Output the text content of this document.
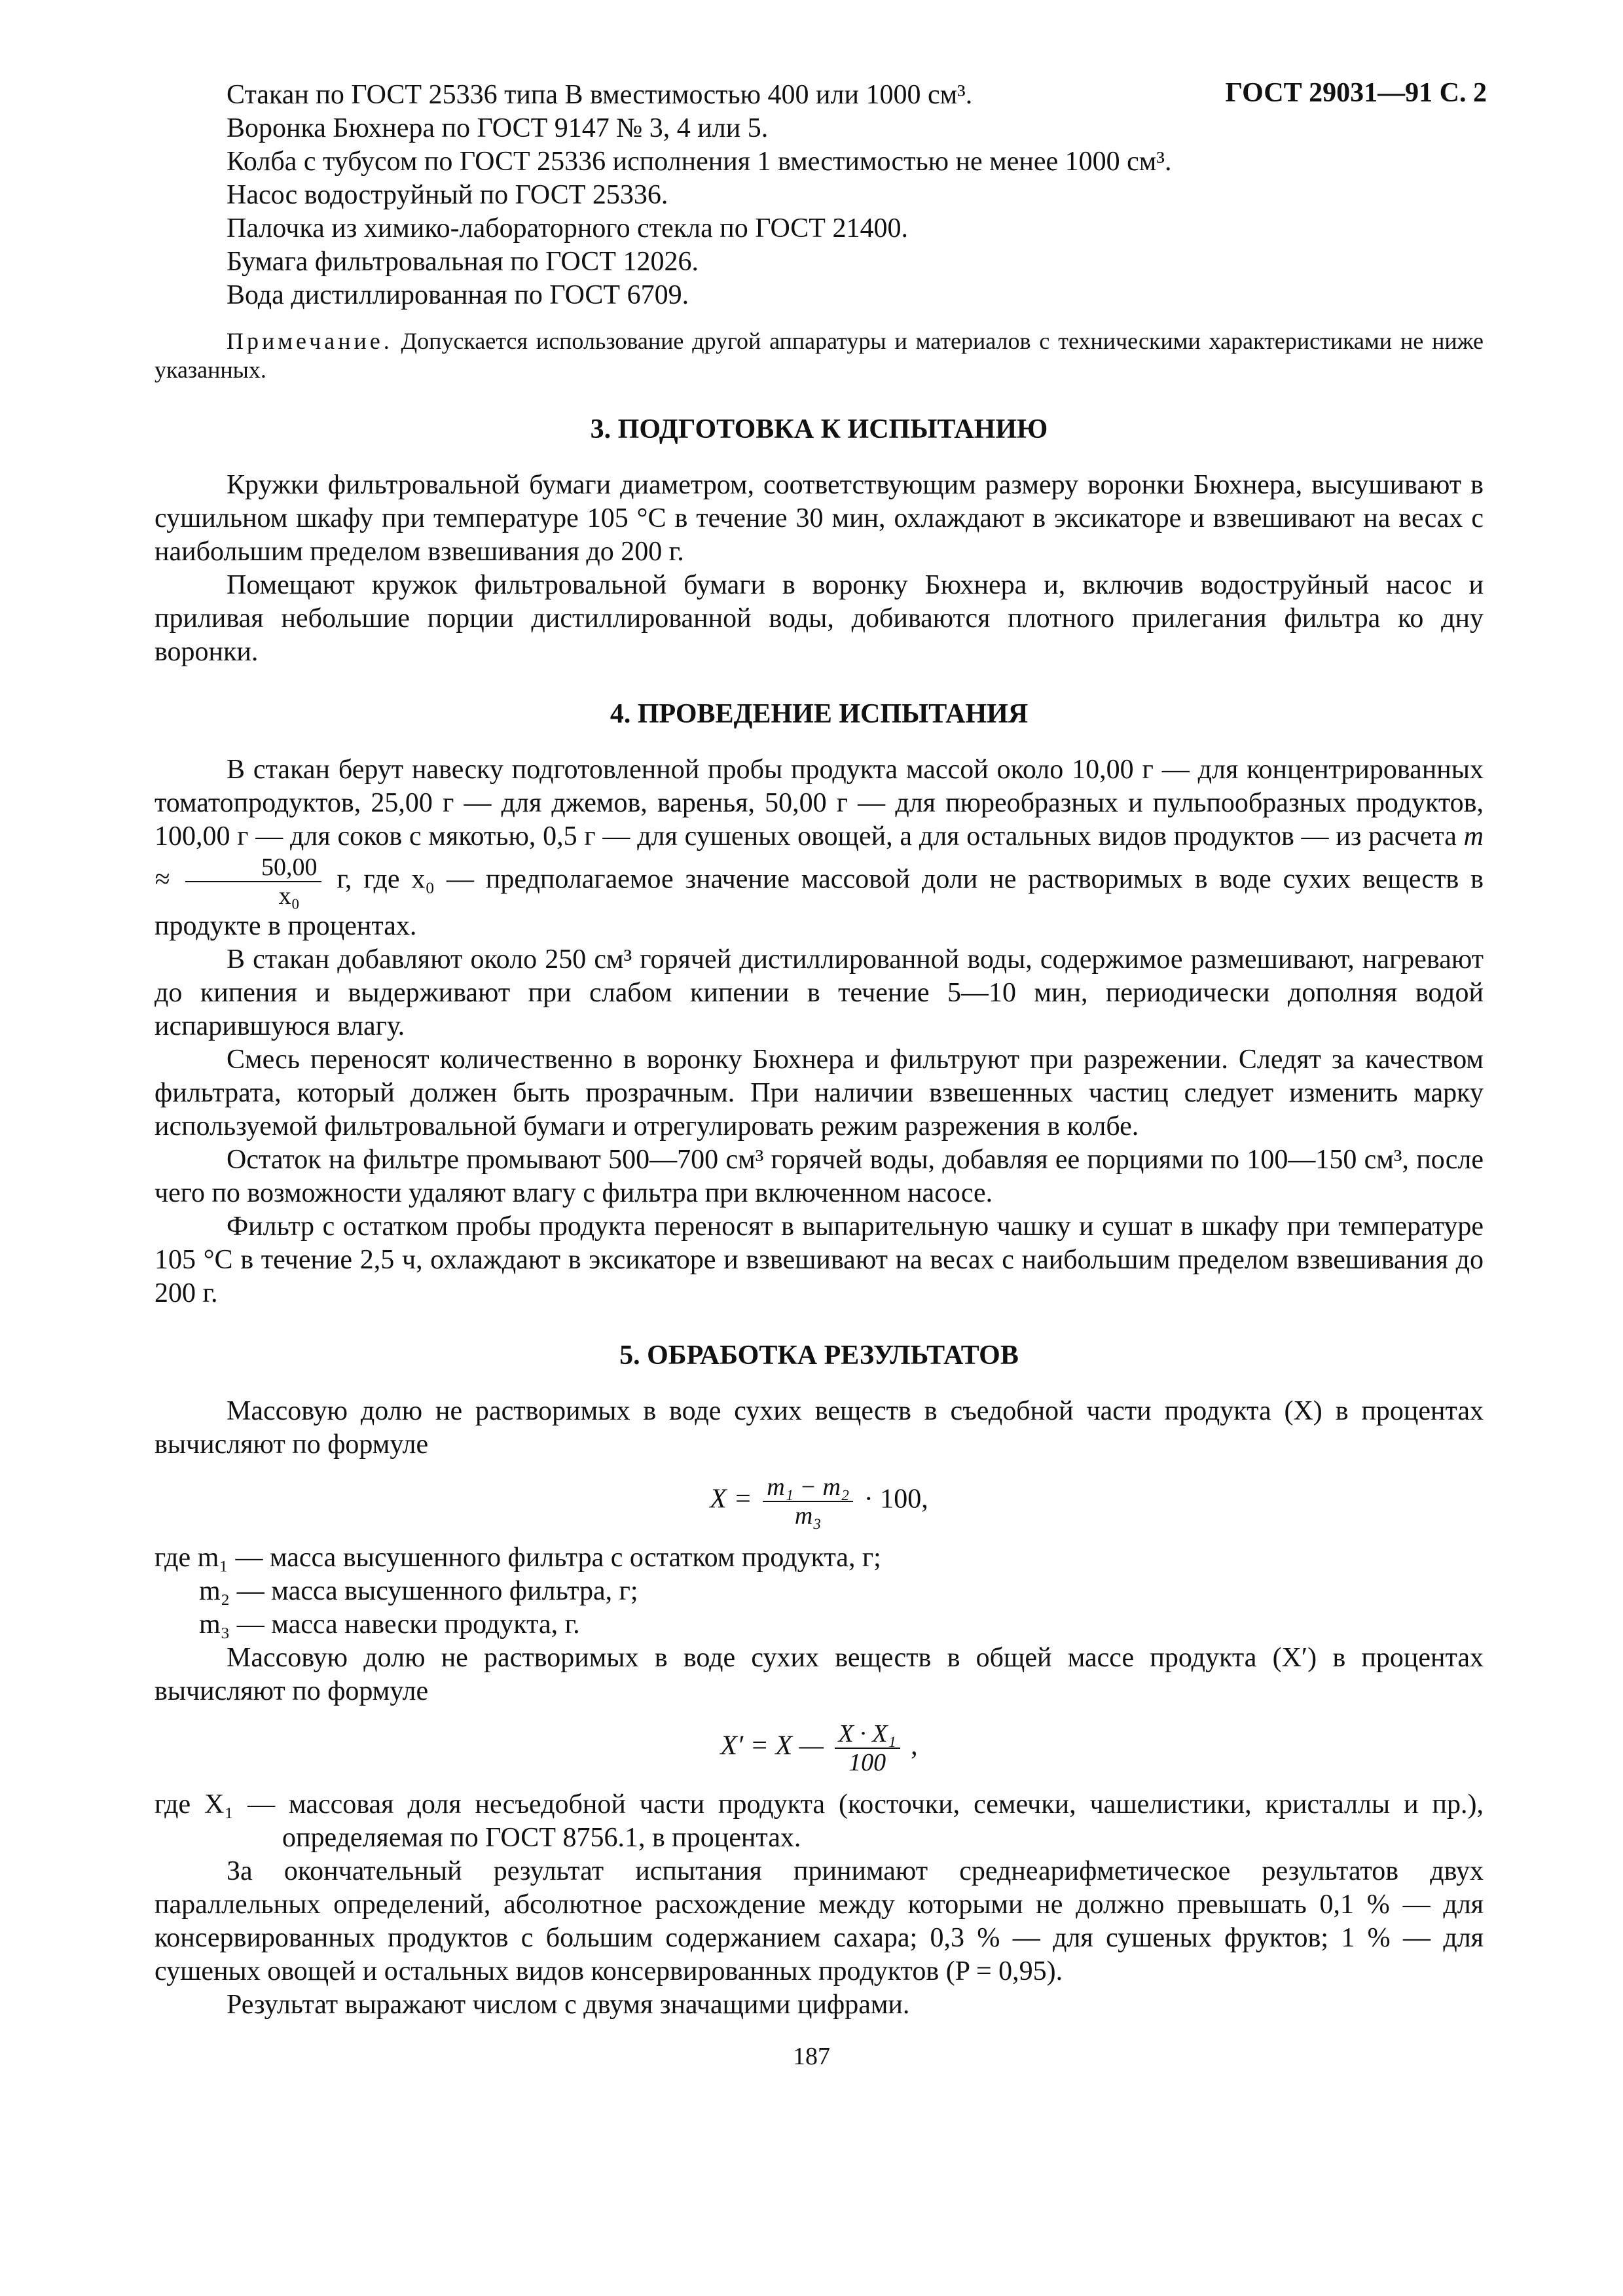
ГОСТ 29031—91 С. 2

Стакан по ГОСТ 25336 типа В вместимостью 400 или 1000 см³.

Воронка Бюхнера по ГОСТ 9147 № 3, 4 или 5.

Колба с тубусом по ГОСТ 25336 исполнения 1 вместимостью не менее 1000 см³.

Насос водоструйный по ГОСТ 25336.

Палочка из химико-лабораторного стекла по ГОСТ 21400.

Бумага фильтровальная по ГОСТ 12026.

Вода дистиллированная по ГОСТ 6709.

Примечание. Допускается использование другой аппаратуры и материалов с техническими характеристиками не ниже указанных.

3. ПОДГОТОВКА К ИСПЫТАНИЮ

Кружки фильтровальной бумаги диаметром, соответствующим размеру воронки Бюхнера, высушивают в сушильном шкафу при температуре 105 °С в течение 30 мин, охлаждают в эксикаторе и взвешивают на весах с наибольшим пределом взвешивания до 200 г.

Помещают кружок фильтровальной бумаги в воронку Бюхнера и, включив водоструйный насос и приливая небольшие порции дистиллированной воды, добиваются плотного прилегания фильтра ко дну воронки.

4. ПРОВЕДЕНИЕ ИСПЫТАНИЯ

В стакан берут навеску подготовленной пробы продукта массой около 10,00 г — для концентрированных томатопродуктов, 25,00 г — для джемов, варенья, 50,00 г — для пюреобразных и пульпообразных продуктов, 100,00 г — для соков с мякотью, 0,5 г — для сушеных овощей, а для остальных видов продуктов — из расчета $m \approx \frac{50,00}{\text{x₀}} г$, где x₀ — предполагаемое значение массовой доли не растворимых в воде сухих веществ в продукте в процентах.

В стакан добавляют около 250 см³ горячей дистиллированной воды, содержимое размешивают, нагревают до кипения и выдерживают при слабом кипении в течение 5—10 мин, периодически дополняя водой испарившуюся влагу.

Смесь переносят количественно в воронку Бюхнера и фильтруют при разрежении. Следят за качеством фильтрата, который должен быть прозрачным. При наличии взвешенных частиц следует изменить марку используемой фильтровальной бумаги и отрегулировать режим разрежения в колбе.

Остаток на фильтре промывают 500—700 см³ горячей воды, добавляя ее порциями по 100—150 см³, после чего по возможности удаляют влагу с фильтра при включенном насосе.

Фильтр с остатком пробы продукта переносят в выпарительную чашку и сушат в шкафу при температуре 105 °С в течение 2,5 ч, охлаждают в эксикаторе и взвешивают на весах с наибольшим пределом взвешивания до 200 г.

5. ОБРАБОТКА РЕЗУЛЬТАТОВ

Массовую долю не растворимых в воде сухих веществ в съедобной части продукта (X) в процентах вычисляют по формуле

$X = \frac{\text{m₁ − m₂}}{\text{m₃}} \cdot 100$,

где m₁ — масса высушенного фильтра с остатком продукта, г;

m₂ — масса высушенного фильтра, г;

m₃ — масса навески продукта, г.

Массовую долю не растворимых в воде сухих веществ в общей массе продукта (X′) в процентах вычисляют по формуле

X′ = X — $\frac{\text{X · X₁}}{100}$ ,

где X₁ — массовая доля несъедобной части продукта (косточки, семечки, чашелистики, кристаллы и пр.), определяемая по ГОСТ 8756.1, в процентах.

За окончательный результат испытания принимают среднеарифметическое результатов двух параллельных определений, абсолютное расхождение между которыми не должно превышать 0,1 % — для консервированных продуктов с большим содержанием сахара; 0,3 % — для сушеных фруктов; 1 % — для сушеных овощей и остальных видов консервированных продуктов (P = 0,95).

Результат выражают числом с двумя значащими цифрами.

187
